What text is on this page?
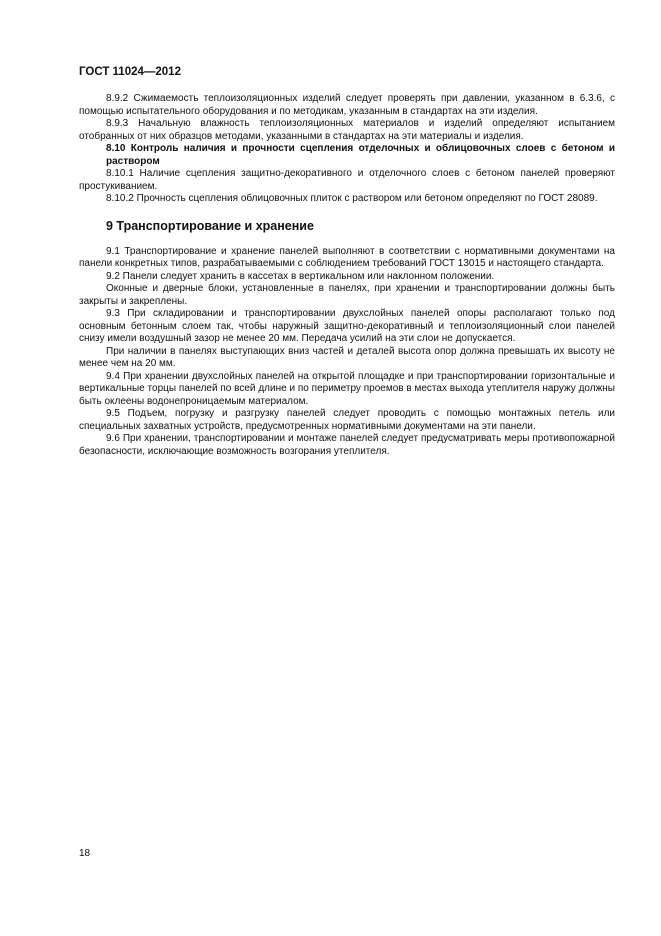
ГОСТ 11024—2012

8.9.2 Сжимаемость теплоизоляционных изделий следует проверять при давлении, указанном в 6.3.6, с помощью испытательного оборудования и по методикам, указанным в стандартах на эти изделия.

8.9.3 Начальную влажность теплоизоляционных материалов и изделий определяют испытанием отобранных от них образцов методами, указанными в стандартах на эти материалы и изделия.

8.10 Контроль наличия и прочности сцепления отделочных и облицовочных слоев с бетоном и раствором

8.10.1 Наличие сцепления защитно-декоративного и отделочного слоев с бетоном панелей проверяют простукиванием.

8.10.2 Прочность сцепления облицовочных плиток с раствором или бетоном определяют по ГОСТ 28089.

9 Транспортирование и хранение

9.1 Транспортирование и хранение панелей выполняют в соответствии с нормативными документами на панели конкретных типов, разрабатываемыми с соблюдением требований ГОСТ 13015 и настоящего стандарта.

9.2 Панели следует хранить в кассетах в вертикальном или наклонном положении.

Оконные и дверные блоки, установленные в панелях, при хранении и транспортировании должны быть закрыты и закреплены.

9.3 При складировании и транспортировании двухслойных панелей опоры располагают только под основным бетонным слоем так, чтобы наружный защитно-декоративный и теплоизоляционный слои панелей снизу имели воздушный зазор не менее 20 мм. Передача усилий на эти слои не допускается.

При наличии в панелях выступающих вниз частей и деталей высота опор должна превышать их высоту не менее чем на 20 мм.

9.4 При хранении двухслойных панелей на открытой площадке и при транспортировании горизонтальные и вертикальные торцы панелей по всей длине и по периметру проемов в местах выхода утеплителя наружу должны быть оклеены водонепроницаемым материалом.

9.5 Подъем, погрузку и разгрузку панелей следует проводить с помощью монтажных петель или специальных захватных устройств, предусмотренных нормативными документами на эти панели.

9.6 При хранении, транспортировании и монтаже панелей следует предусматривать меры противопожарной безопасности, исключающие возможность возгорания утеплителя.

18
